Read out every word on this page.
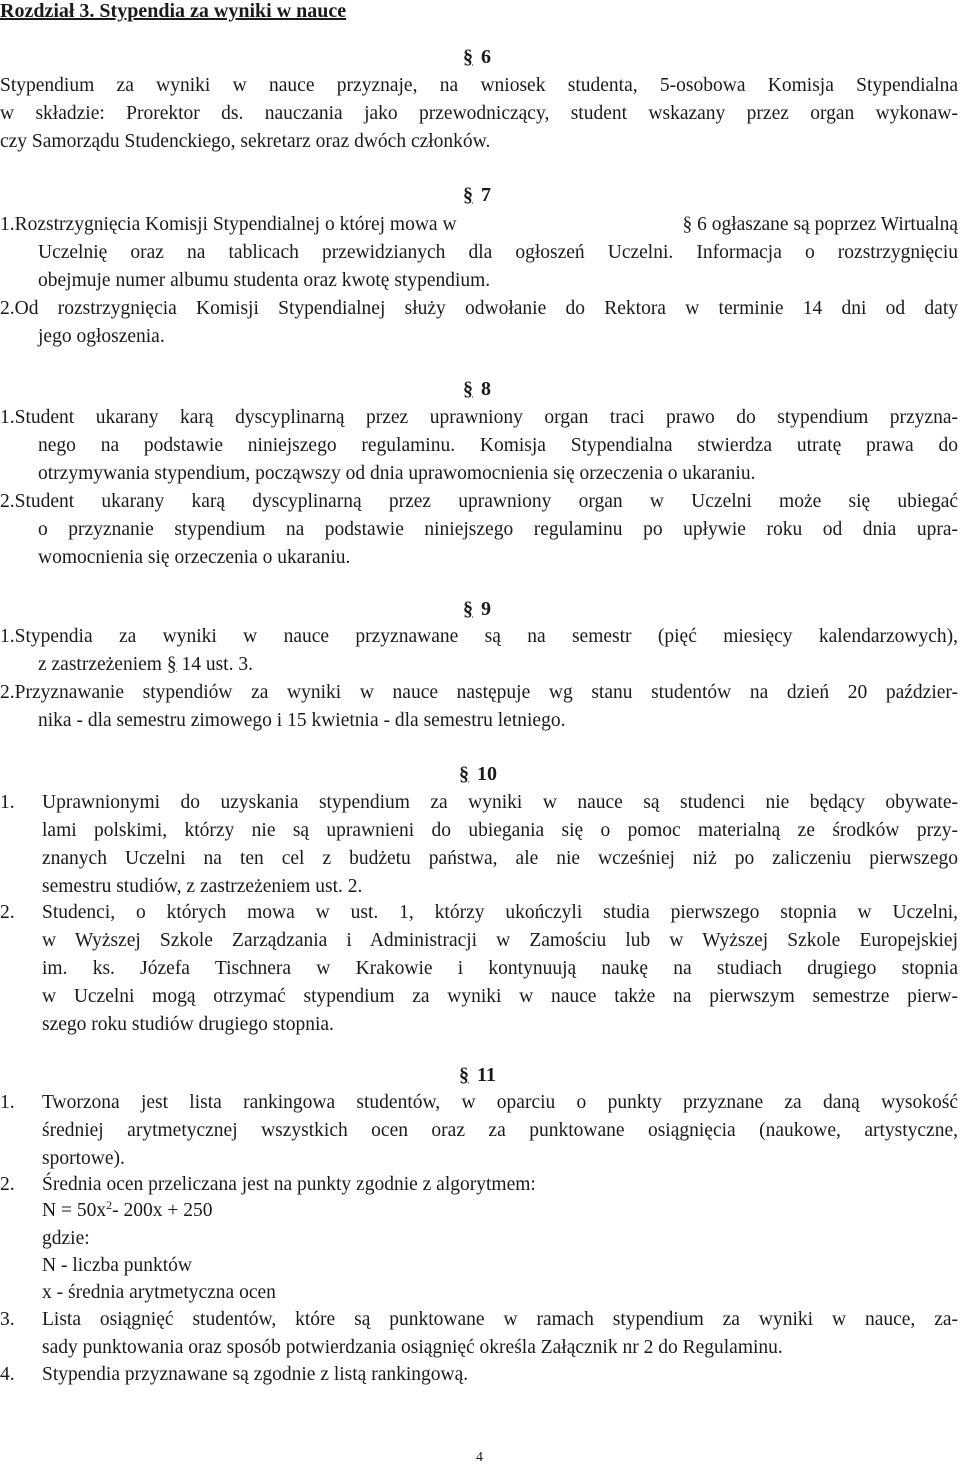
Rozdział 3. Stypendia za wyniki w nauce
§ 6
Stypendium za wyniki w nauce przyznaje, na wniosek studenta, 5-osobowa Komisja Stypendialna
w składzie: Prorektor ds. nauczania jako przewodniczący, student wskazany przez organ wykonaw-
czy Samorządu Studenckiego, sekretarz oraz dwóch członków.
§ 7
1.Rozstrzygnięcia Komisji Stypendialnej o której mowa w	§ 6 ogłaszane są poprzez Wirtualną
Uczelnię oraz na tablicach przewidzianych dla ogłoszeń Uczelni. Informacja o rozstrzygnięciu
obejmuje numer albumu studenta oraz kwotę stypendium.
2.Od rozstrzygnięcia Komisji Stypendialnej służy odwołanie do Rektora w terminie 14 dni od daty
jego ogłoszenia.
§ 8
1.Student ukarany karą dyscyplinarną przez uprawniony organ traci prawo do stypendium przyzna-
nego na podstawie niniejszego regulaminu. Komisja Stypendialna stwierdza utratę prawa do
otrzymywania stypendium, począwszy od dnia uprawomocnienia się orzeczenia o ukaraniu.
2.Student ukarany karą dyscyplinarną przez uprawniony organ w Uczelni może się ubiegać
o przyznanie stypendium na podstawie niniejszego regulaminu po upływie roku od dnia upra-
womocnienia się orzeczenia o ukaraniu.
§ 9
1.Stypendia za wyniki w nauce przyznawane są na semestr (pięć miesięcy kalendarzowych),
z zastrzeżeniem § 14 ust. 3.
2.Przyznawanie stypendiów za wyniki w nauce następuje wg stanu studentów na dzień 20 paździer-
nika - dla semestru zimowego i 15 kwietnia - dla semestru letniego.
§ 10
1. Uprawnionymi do uzyskania stypendium za wyniki w nauce są studenci nie będący obywate-
lami polskimi, którzy nie są uprawnieni do ubiegania się o pomoc materialną ze środków przy-
znanych Uczelni na ten cel z budżetu państwa, ale nie wcześniej niż po zaliczeniu pierwszego
semestru studiów, z zastrzeżeniem ust. 2.
2. Studenci, o których mowa w ust. 1, którzy ukończyli studia pierwszego stopnia w Uczelni,
w Wyższej Szkole Zarządzania i Administracji w Zamościu lub w Wyższej Szkole Europejskiej
im. ks. Józefa Tischnera w Krakowie i kontynuują naukę na studiach drugiego stopnia
w Uczelni mogą otrzymać stypendium za wyniki w nauce także na pierwszym semestrze pierw-
szego roku studiów drugiego stopnia.
§ 11
1. Tworzona jest lista rankingowa studentów, w oparciu o punkty przyznane za daną wysokość
średniej arytmetycznej wszystkich ocen oraz za punktowane osiągnięcia (naukowe, artystyczne,
sportowe).
2. Średnia ocen przeliczana jest na punkty zgodnie z algorytmem:
$N = 50x^2-$ 200x + 250
gdzie:
N - liczba punktów
x - średnia arytmetyczna ocen
3. Lista osiągnięć studentów, które są punktowane w ramach stypendium za wyniki w nauce, za-
sady punktowania oraz sposób potwierdzania osiągnięć określa Załącznik nr 2 do Regulaminu.
4. Stypendia przyznawane są zgodnie z listą rankingową.
4
